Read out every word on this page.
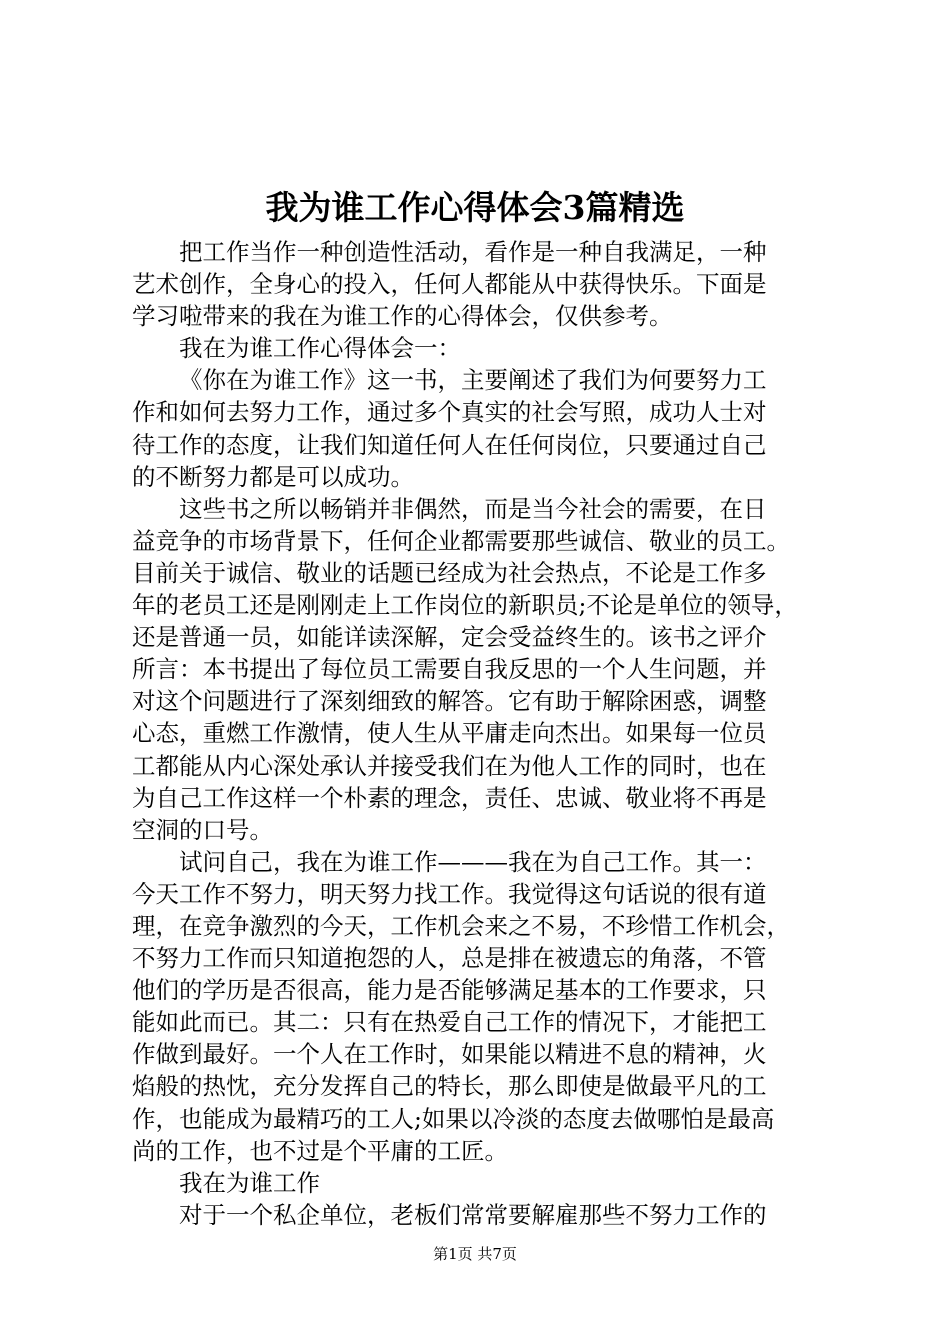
我为谁工作心得体会3篇精选
把工作当作一种创造性活动，看作是一种自我满足，一种
艺术创作，全身心的投入，任何人都能从中获得快乐。下面是
学习啦带来的我在为谁工作的心得体会，仅供参考。
我在为谁工作心得体会一：
《你在为谁工作》这一书，主要阐述了我们为何要努力工
作和如何去努力工作，通过多个真实的社会写照，成功人士对
待工作的态度，让我们知道任何人在任何岗位，只要通过自己
的不断努力都是可以成功。
这些书之所以畅销并非偶然，而是当今社会的需要，在日
益竞争的市场背景下，任何企业都需要那些诚信、敬业的员工。
目前关于诚信、敬业的话题已经成为社会热点，不论是工作多
年的老员工还是刚刚走上工作岗位的新职员;不论是单位的领导，
还是普通一员，如能详读深解，定会受益终生的。该书之评介
所言：本书提出了每位员工需要自我反思的一个人生问题，并
对这个问题进行了深刻细致的解答。它有助于解除困惑，调整
心态，重燃工作激情，使人生从平庸走向杰出。如果每一位员
工都能从内心深处承认并接受我们在为他人工作的同时，也在
为自己工作这样一个朴素的理念，责任、忠诚、敬业将不再是
空洞的口号。
试问自己，我在为谁工作———我在为自己工作。其一：
今天工作不努力，明天努力找工作。我觉得这句话说的很有道
理，在竞争激烈的今天，工作机会来之不易，不珍惜工作机会，
不努力工作而只知道抱怨的人，总是排在被遗忘的角落，不管
他们的学历是否很高，能力是否能够满足基本的工作要求，只
能如此而已。其二：只有在热爱自己工作的情况下，才能把工
作做到最好。一个人在工作时，如果能以精进不息的精神，火
焰般的热忱，充分发挥自己的特长，那么即使是做最平凡的工
作，也能成为最精巧的工人;如果以冷淡的态度去做哪怕是最高
尚的工作，也不过是个平庸的工匠。
我在为谁工作
对于一个私企单位，老板们常常要解雇那些不努力工作的
第1页 共7页
